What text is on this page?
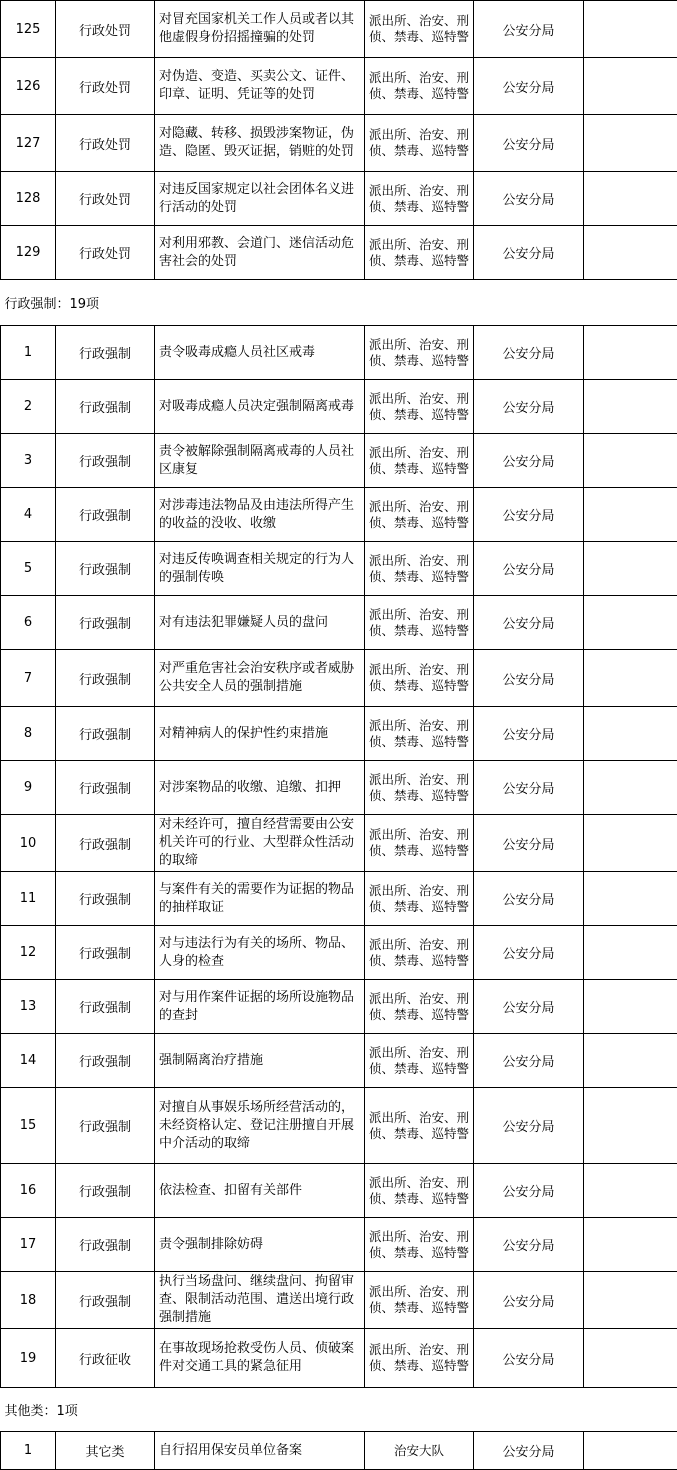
125	行政处罚	对冒充国家机关工作人员或者以其他虚假身份招摇撞骗的处罚	派出所、治安、刑侦、禁毒、巡特警	公安分局	
126	行政处罚	对伪造、变造、买卖公文、证件、印章、证明、凭证等的处罚	派出所、治安、刑侦、禁毒、巡特警	公安分局	
127	行政处罚	对隐藏、转移、损毁涉案物证，伪造、隐匿、毁灭证据，销赃的处罚	派出所、治安、刑侦、禁毒、巡特警	公安分局	
128	行政处罚	对违反国家规定以社会团体名义进行活动的处罚	派出所、治安、刑侦、禁毒、巡特警	公安分局	
129	行政处罚	对利用邪教、会道门、迷信活动危害社会的处罚	派出所、治安、刑侦、禁毒、巡特警	公安分局	
行政强制：19项					
1	行政强制	责令吸毒成瘾人员社区戒毒	派出所、治安、刑侦、禁毒、巡特警	公安分局	
2	行政强制	对吸毒成瘾人员决定强制隔离戒毒	派出所、治安、刑侦、禁毒、巡特警	公安分局	
3	行政强制	责令被解除强制隔离戒毒的人员社区康复	派出所、治安、刑侦、禁毒、巡特警	公安分局	
4	行政强制	对涉毒违法物品及由违法所得产生的收益的没收、收缴	派出所、治安、刑侦、禁毒、巡特警	公安分局	
5	行政强制	对违反传唤调查相关规定的行为人的强制传唤	派出所、治安、刑侦、禁毒、巡特警	公安分局	
6	行政强制	对有违法犯罪嫌疑人员的盘问	派出所、治安、刑侦、禁毒、巡特警	公安分局	
7	行政强制	对严重危害社会治安秩序或者威胁公共安全人员的强制措施	派出所、治安、刑侦、禁毒、巡特警	公安分局	
8	行政强制	对精神病人的保护性约束措施	派出所、治安、刑侦、禁毒、巡特警	公安分局	
9	行政强制	对涉案物品的收缴、追缴、扣押	派出所、治安、刑侦、禁毒、巡特警	公安分局	
10	行政强制	对未经许可，擅自经营需要由公安机关许可的行业、大型群众性活动的取缔	派出所、治安、刑侦、禁毒、巡特警	公安分局	
11	行政强制	与案件有关的需要作为证据的物品的抽样取证	派出所、治安、刑侦、禁毒、巡特警	公安分局	
12	行政强制	对与违法行为有关的场所、物品、人身的检查	派出所、治安、刑侦、禁毒、巡特警	公安分局	
13	行政强制	对与用作案件证据的场所设施物品的查封	派出所、治安、刑侦、禁毒、巡特警	公安分局	
14	行政强制	强制隔离治疗措施	派出所、治安、刑侦、禁毒、巡特警	公安分局	
15	行政强制	对擅自从事娱乐场所经营活动的，未经资格认定、登记注册擅自开展中介活动的取缔	派出所、治安、刑侦、禁毒、巡特警	公安分局	
16	行政强制	依法检查、扣留有关部件	派出所、治安、刑侦、禁毒、巡特警	公安分局	
17	行政强制	责令强制排除妨碍	派出所、治安、刑侦、禁毒、巡特警	公安分局	
18	行政强制	执行当场盘问、继续盘问、拘留审查、限制活动范围、遣送出境行政强制措施	派出所、治安、刑侦、禁毒、巡特警	公安分局	
19	行政征收	在事故现场抢救受伤人员、侦破案件对交通工具的紧急征用	派出所、治安、刑侦、禁毒、巡特警	公安分局	
其他类：1项					
1	其它类	自行招用保安员单位备案	治安大队	公安分局	
